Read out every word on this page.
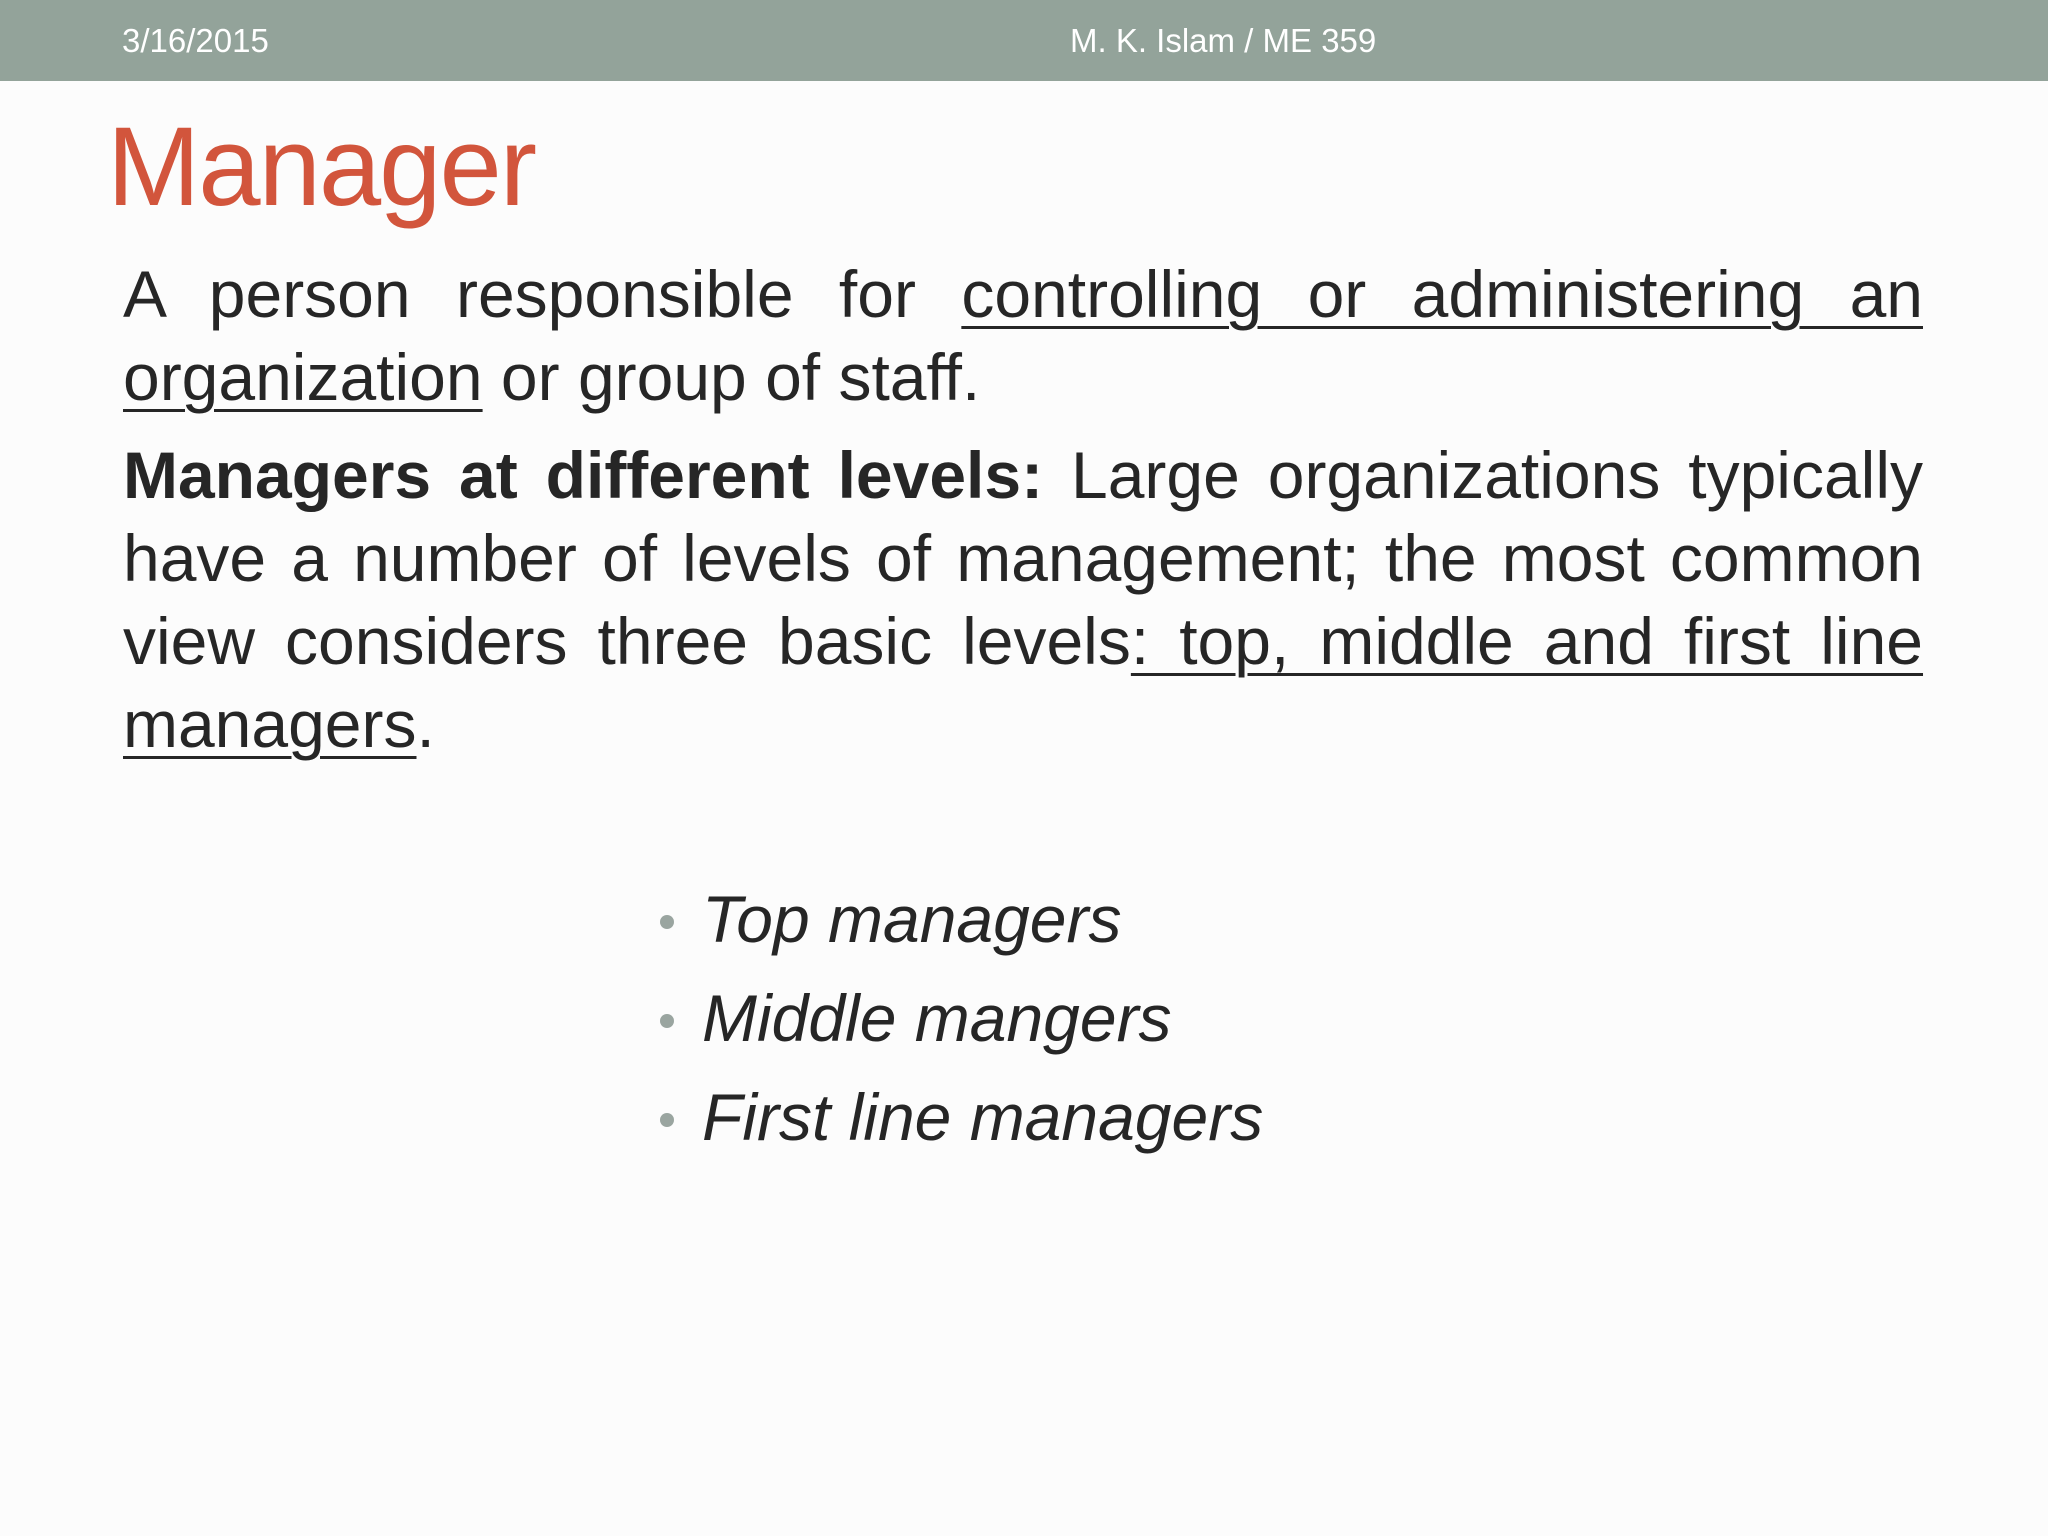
3/16/2015	M. K. Islam / ME 359
Manager
A person responsible for controlling or administering an organization or group of staff.
Managers at different levels: Large organizations typically have a number of levels of management; the most common view considers three basic levels: top, middle and first line managers.
Top managers
Middle mangers
First line managers
